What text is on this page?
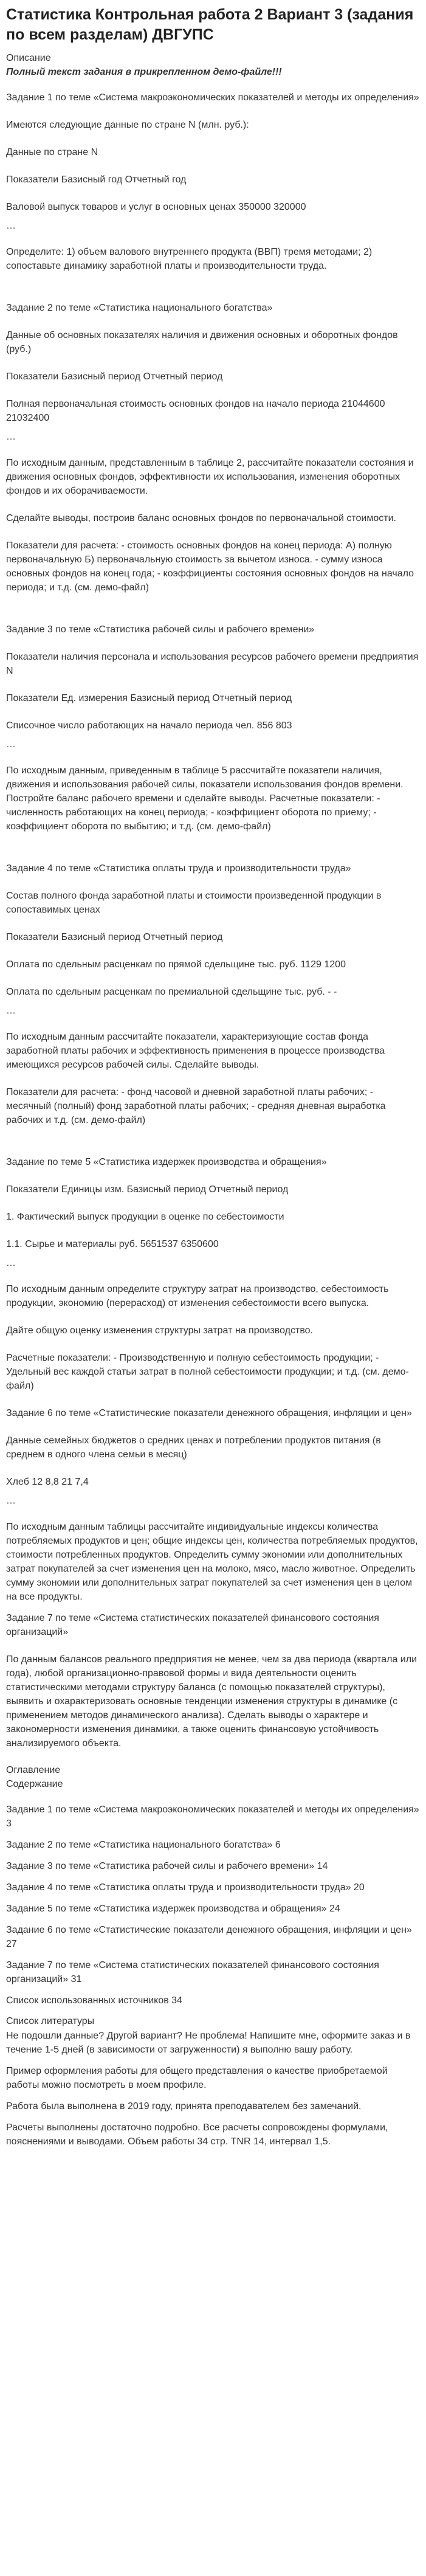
Статистика Контрольная работа 2 Вариант 3 (задания по всем разделам) ДВГУПС
Описание
Полный текст задания в прикрепленном демо-файле!!!

Задание 1 по теме «Система макроэкономических показателей и методы их определения»

Имеются следующие данные по стране N (млн. руб.):

Данные по стране N

Показатели Базисный год Отчетный год

Валовой выпуск товаров и услуг в основных ценах 350000 320000

…

Определите: 1) объем валового внутреннего продукта (ВВП) тремя методами; 2) сопоставьте динамику заработной платы и производительности труда.

Задание 2 по теме «Статистика национального богатства»

Данные об основных показателях наличия и движения основных и оборотных фондов (руб.)

Показатели Базисный период Отчетный период

Полная первоначальная стоимость основных фондов на начало периода 21044600 21032400

…

По исходным данным, представленным в таблице 2, рассчитайте показатели состояния и движения основных фондов, эффективности их использования, изменения оборотных фондов и их оборачиваемости.

Сделайте выводы, построив баланс основных фондов по первоначальной стоимости.

Показатели для расчета: - стоимость основных фондов на конец периода: А) полную первоначальную Б) первоначальную стоимость за вычетом износа. - сумму износа основных фондов на конец года; - коэффициенты состояния основных фондов на начало периода; и т.д. (см. демо-файл)

Задание 3 по теме «Статистика рабочей силы и рабочего времени»

Показатели наличия персонала и использования ресурсов рабочего времени предприятия N

Показатели Ед. измерения Базисный период Отчетный период

Списочное число работающих на начало периода чел. 856 803

…

По исходным данным, приведенным в таблице 5 рассчитайте показатели наличия, движения и использования рабочей силы, показатели использования фондов времени. Постройте баланс рабочего времени и сделайте выводы. Расчетные показатели: - численность работающих на конец периода; - коэффициент оборота по приему; - коэффициент оборота по выбытию; и т.д. (см. демо-файл)

Задание 4 по теме «Статистика оплаты труда и производительности труда»

Состав полного фонда заработной платы и стоимости произведенной продукции в сопоставимых ценах

Показатели Базисный период Отчетный период

Оплата по сдельным расценкам по прямой сдельщине тыс. руб. 1129 1200

Оплата по сдельным расценкам по премиальной сдельщине тыс. руб. - -

…

По исходным данным рассчитайте показатели, характеризующие состав фонда заработной платы рабочих и эффективность применения в процессе производства имеющихся ресурсов рабочей силы. Сделайте выводы.

Показатели для расчета: - фонд часовой и дневной заработной платы рабочих; - месячный (полный) фонд заработной платы рабочих; - средняя дневная выработка рабочих и т.д. (см. демо-файл)

Задание по теме 5 «Статистика издержек производства и обращения»

Показатели Единицы изм. Базисный период Отчетный период

1. Фактический выпуск продукции в оценке по себестоимости

1.1. Сырье и материалы руб. 5651537 6350600

…

По исходным данным определите структуру затрат на производство, себестоимость продукции, экономию (перерасход) от изменения себестоимости всего выпуска.

Дайте общую оценку изменения структуры затрат на производство.

Расчетные показатели: - Производственную и полную себестоимость продукции; - Удельный вес каждой статьи затрат в полной себестоимости продукции; и т.д. (см. демо-файл)

Задание 6 по теме «Статистические показатели денежного обращения, инфляции и цен»

Данные семейных бюджетов о средних ценах и потреблении продуктов питания (в среднем в одного члена семьи в месяц)

Хлеб 12 8,8 21 7,4

…

По исходным данным таблицы рассчитайте индивидуальные индексы количества потребляемых продуктов и цен; общие индексы цен, количества потребляемых продуктов, стоимости потребленных продуктов. Определить сумму экономии или дополнительных затрат покупателей за счет изменения цен на молоко, мясо, масло животное. Определить сумму экономии или дополнительных затрат покупателей за счет изменения цен в целом на все продукты.

Задание 7 по теме «Система статистических показателей финансового состояния организаций»

По данным балансов реального предприятия не менее, чем за два периода (квартала или года), любой организационно-правовой формы и вида деятельности оценить статистическими методами структуру баланса (с помощью показателей структуры), выявить и охарактеризовать основные тенденции изменения структуры в динамике (с применением методов динамического анализа). Сделать выводы о характере и закономерности изменения динамики, а также оценить финансовую устойчивость анализируемого объекта.

Оглавление
Содержание

Задание 1 по теме «Система макроэкономических показателей и методы их определения» 3

Задание 2 по теме «Статистика национального богатства» 6

Задание 3 по теме «Статистика рабочей силы и рабочего времени» 14

Задание 4 по теме «Статистика оплаты труда и производительности труда» 20

Задание 5 по теме «Статистика издержек производства и обращения» 24

Задание 6 по теме «Статистические показатели денежного обращения, инфляции и цен» 27

Задание 7 по теме «Система статистических показателей финансового состояния организаций» 31

Список использованных источников 34

Список литературы

Не подошли данные? Другой вариант? Не проблема! Напишите мне, оформите заказ и в течение 1-5 дней (в зависимости от загруженности) я выполню вашу работу.

Пример оформления работы для общего представления о качестве приобретаемой работы можно посмотреть в моем профиле.

Работа была выполнена в 2019 году, принята преподавателем без замечаний.

Расчеты выполнены достаточно подробно. Все расчеты сопровождены формулами, пояснениями и выводами. Объем работы 34 стр. TNR 14, интервал 1,5.
